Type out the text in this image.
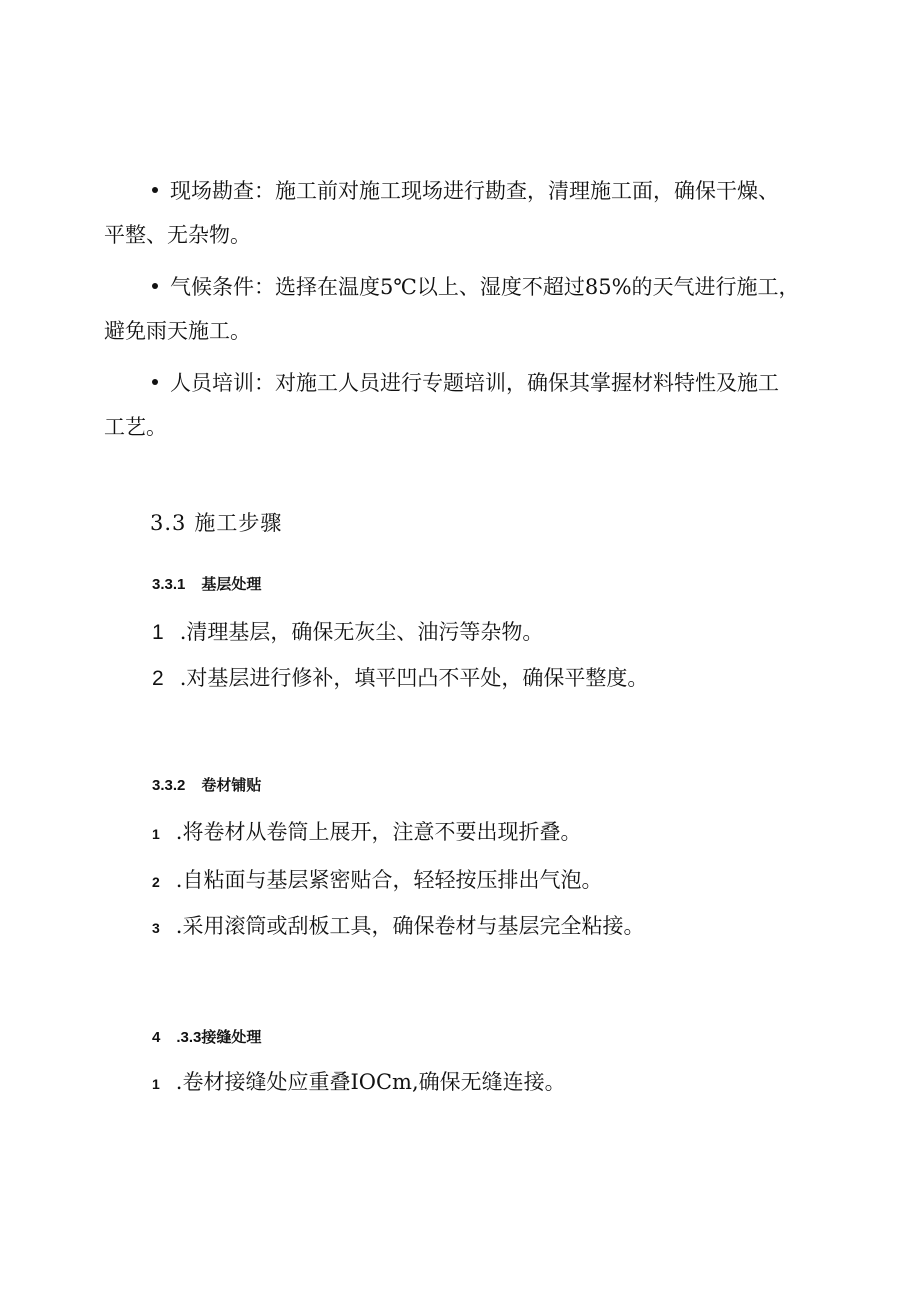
现场勘查：施工前对施工现场进行勘查，清理施工面，确保干燥、
平整、无杂物。
气候条件：选择在温度5℃以上、湿度不超过85%的天气进行施工，
避免雨天施工。
人员培训：对施工人员进行专题培训，确保其掌握材料特性及施工
工艺。
3.3 施工步骤
3.3.1 基层处理
1 .清理基层，确保无灰尘、油污等杂物。
2 .对基层进行修补，填平凹凸不平处，确保平整度。
3.3.2 卷材铺贴
1 .将卷材从卷筒上展开，注意不要出现折叠。
2 .自粘面与基层紧密贴合，轻轻按压排出气泡。
3 .采用滚筒或刮板工具，确保卷材与基层完全粘接。
4 .3.3接缝处理
1 .卷材接缝处应重叠IOCm,确保无缝连接。
